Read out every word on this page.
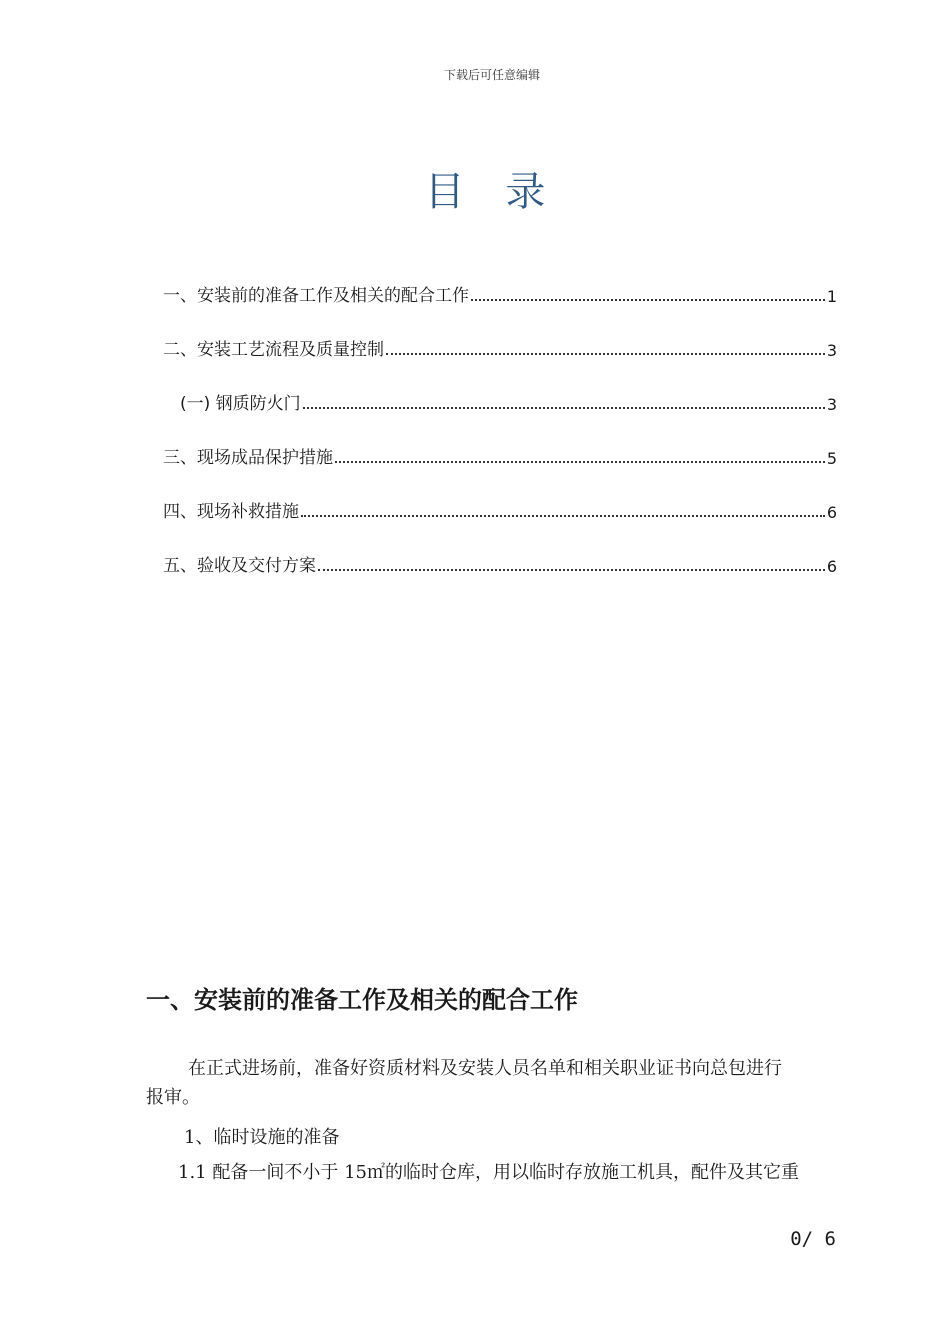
下载后可任意编辑
目 录
一、安装前的准备工作及相关的配合工作	1
二、安装工艺流程及质量控制	3
(一) 钢质防火门	3
三、现场成品保护措施	5
四、现场补救措施	6
五、验收及交付方案	6
一、安装前的准备工作及相关的配合工作
在正式进场前，准备好资质材料及安装人员名单和相关职业证书向总包进行
报审。
1、临时设施的准备
1.1 配备一间不小于 15㎡的临时仓库，用以临时存放施工机具，配件及其它重
0/ 6
